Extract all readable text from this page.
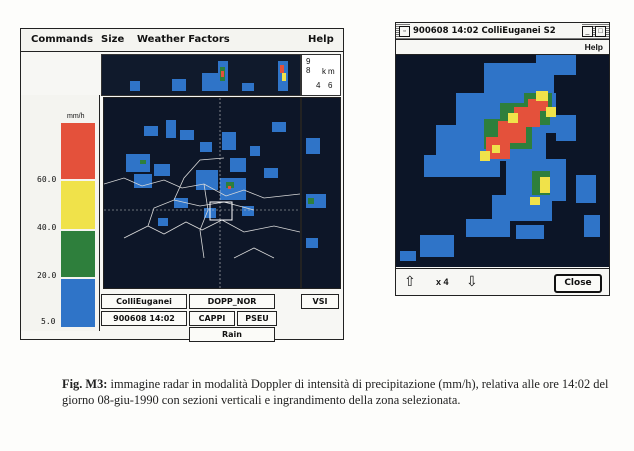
Commands Size Weather Factors	Help
9
8 k m
4 6
mm/h
60.0
40.0
20.0
5.0
ColliEuganei	DOPP_NOR	VSI
900608 14:02	CAPPI	PSEU
Rain
▫ 900608 14:02 ColliEuganei S2	_	□
Help
⇧ x 4 ⇩	Close
Fig. M3: immagine radar in modalità Doppler di intensità di precipitazione (mm/h), relativa alle ore 14:02 del giorno 08-giu-1990 con sezioni verticali e ingrandimento della zona selezionata.
